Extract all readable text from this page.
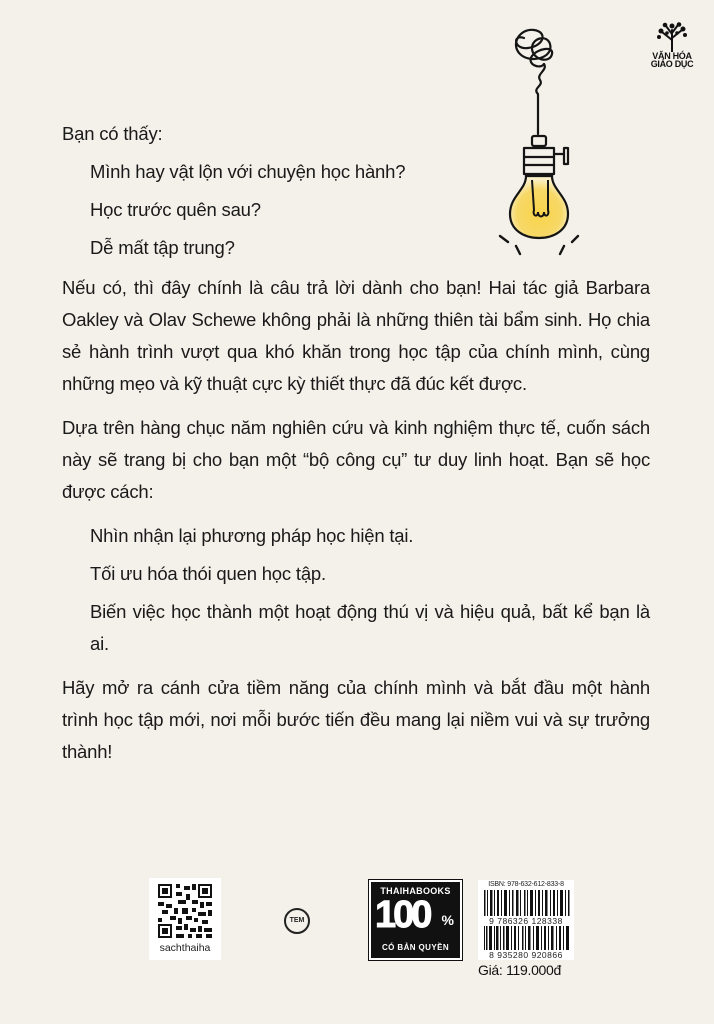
VĂN HÓA
GIÁO DỤC

Bạn có thấy:

Mình hay vật lộn với chuyện học hành?

Học trước quên sau?

Dễ mất tập trung?

Nếu có, thì đây chính là câu trả lời dành cho bạn! Hai tác giả Barbara Oakley và Olav Schewe không phải là những thiên tài bẩm sinh. Họ chia sẻ hành trình vượt qua khó khăn trong học tập của chính mình, cùng những mẹo và kỹ thuật cực kỳ thiết thực đã đúc kết được.

Dựa trên hàng chục năm nghiên cứu và kinh nghiệm thực tế, cuốn sách này sẽ trang bị cho bạn một “bộ công cụ” tư duy linh hoạt. Bạn sẽ học được cách:

Nhìn nhận lại phương pháp học hiện tại.

Tối ưu hóa thói quen học tập.

Biến việc học thành một hoạt động thú vị và hiệu quả, bất kể bạn là ai.

Hãy mở ra cánh cửa tiềm năng của chính mình và bắt đầu một hành trình học tập mới, nơi mỗi bước tiến đều mang lại niềm vui và sự trưởng thành!

sachthaiha
TEM
THAIHABOOKS
100 %
CÓ BẢN QUYỀN
ISBN: 978-632-612-833-8
9 786326 128338
8 935280 920866
Giá: 119.000đ
